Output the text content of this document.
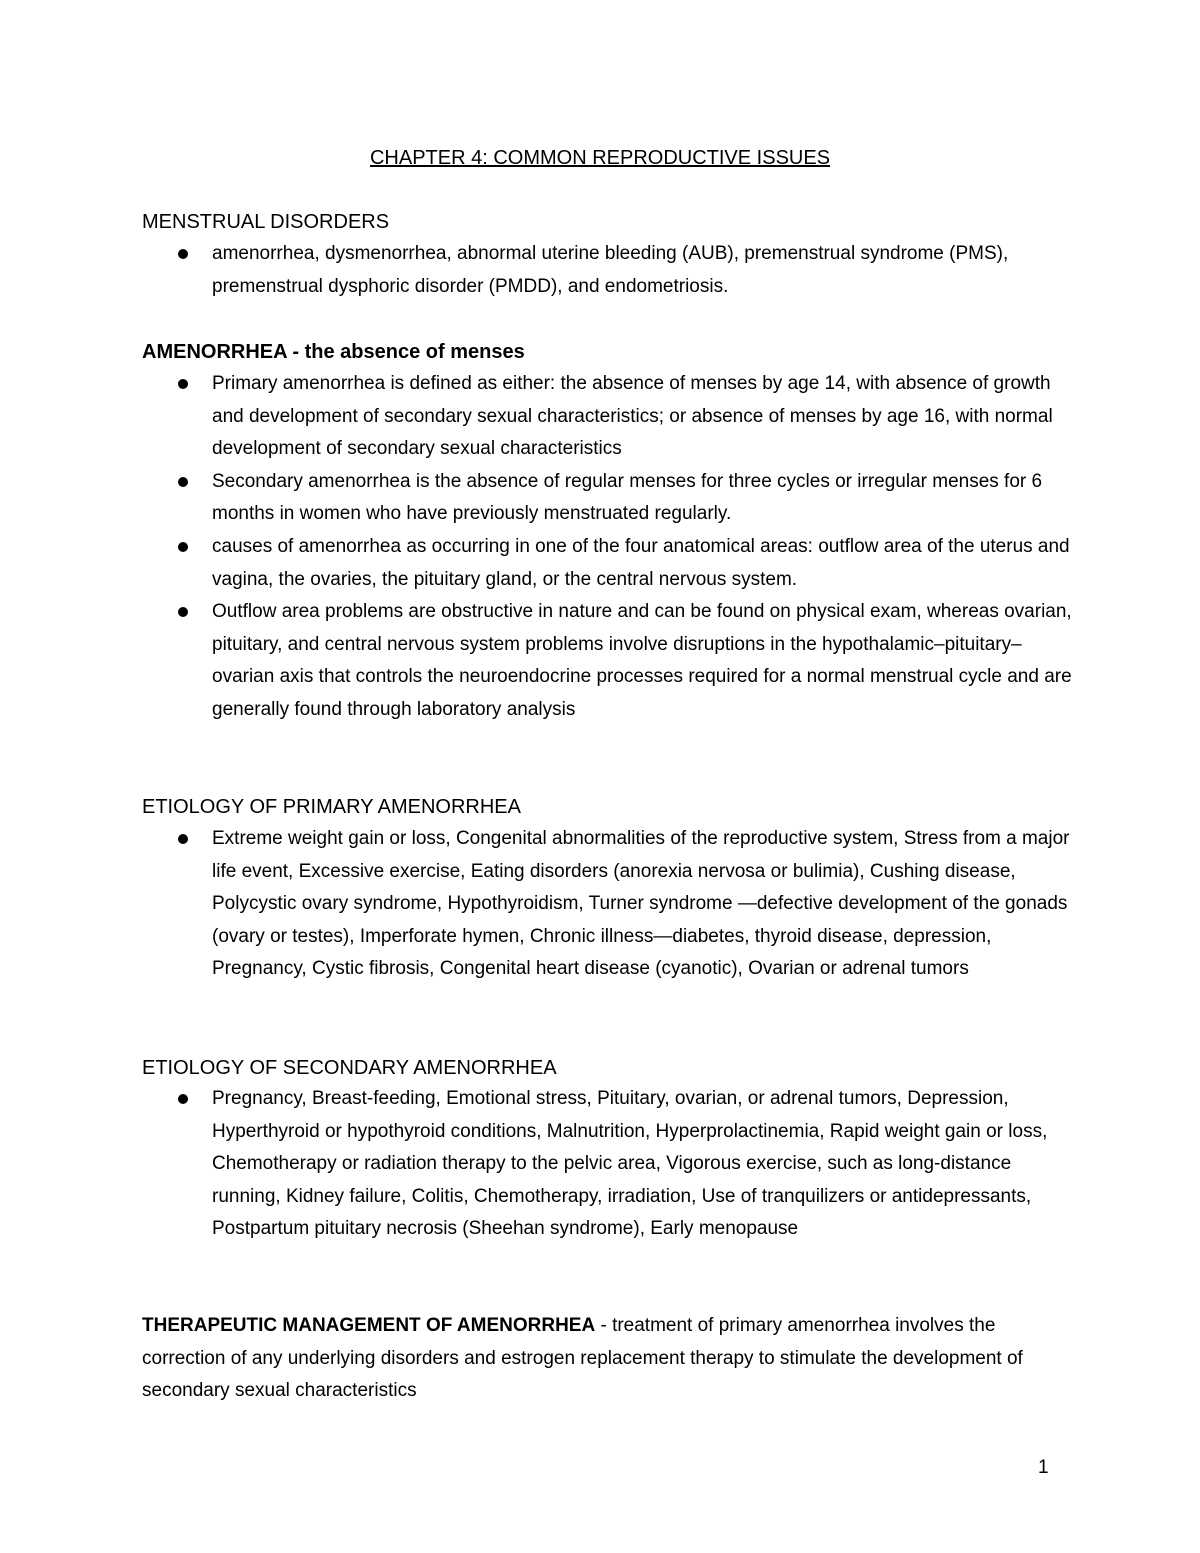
CHAPTER 4: COMMON REPRODUCTIVE ISSUES
MENSTRUAL DISORDERS
amenorrhea, dysmenorrhea, abnormal uterine bleeding (AUB), premenstrual syndrome (PMS), premenstrual dysphoric disorder (PMDD), and endometriosis.
AMENORRHEA - the absence of menses
Primary amenorrhea is defined as either: the absence of menses by age 14, with absence of growth and development of secondary sexual characteristics; or absence of menses by age 16, with normal development of secondary sexual characteristics
Secondary amenorrhea is the absence of regular menses for three cycles or irregular menses for 6 months in women who have previously menstruated regularly.
causes of amenorrhea as occurring in one of the four anatomical areas: outflow area of the uterus and vagina, the ovaries, the pituitary gland, or the central nervous system.
Outflow area problems are obstructive in nature and can be found on physical exam, whereas ovarian, pituitary, and central nervous system problems involve disruptions in the hypothalamic–pituitary–ovarian axis that controls the neuroendocrine processes required for a normal menstrual cycle and are generally found through laboratory analysis
ETIOLOGY OF PRIMARY AMENORRHEA
Extreme weight gain or loss, Congenital abnormalities of the reproductive system, Stress from a major life event, Excessive exercise, Eating disorders (anorexia nervosa or bulimia), Cushing disease, Polycystic ovary syndrome, Hypothyroidism, Turner syndrome —defective development of the gonads (ovary or testes), Imperforate hymen, Chronic illness—diabetes, thyroid disease, depression, Pregnancy, Cystic fibrosis, Congenital heart disease (cyanotic), Ovarian or adrenal tumors
ETIOLOGY OF SECONDARY AMENORRHEA
Pregnancy, Breast-feeding, Emotional stress, Pituitary, ovarian, or adrenal tumors, Depression, Hyperthyroid or hypothyroid conditions, Malnutrition, Hyperprolactinemia, Rapid weight gain or loss, Chemotherapy or radiation therapy to the pelvic area, Vigorous exercise, such as long-distance running, Kidney failure, Colitis, Chemotherapy, irradiation, Use of tranquilizers or antidepressants, Postpartum pituitary necrosis (Sheehan syndrome), Early menopause

THERAPEUTIC MANAGEMENT OF AMENORRHEA - treatment of primary amenorrhea involves the correction of any underlying disorders and estrogen replacement therapy to stimulate the development of secondary sexual characteristics

1
